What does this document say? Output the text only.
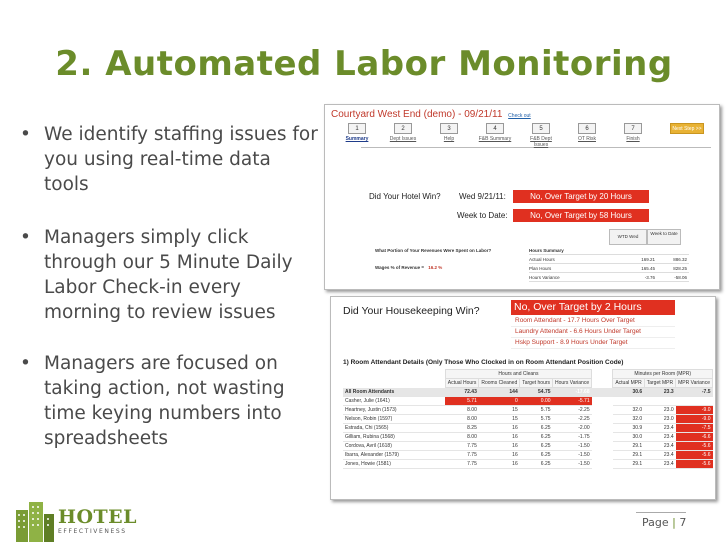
2. Automated Labor Monitoring
• We identify staffing issues for you using real-time data tools
• Managers simply click through our 5 Minute Daily Labor Check-in every morning to review issues
• Managers are focused on taking action, not wasting time keying numbers into spreadsheets
Courtyard West End (demo) - 09/21/11 Check out
1
Summary
2
Dept Issues
3
Help
4
F&B Summary
5
F&B Dept Issues
6
OT Risk
7
Finish
Next Step >>
Did Your Hotel Win? Wed 9/21/11:	No, Over Target by 20 Hours
Week to Date:	No, Over Target by 58 Hours
WTD Wed
Week to Date
What Portion of Your Revenues Were Spent on Labor?
Wages % of Revenue = 16.2 %
Hours Summary
Actual Hours	169.21	886.32
Plan Hours	165.45	828.25
Hours Variance	-3.76	-58.06
Did Your Housekeeping Win?	No, Over Target by 2 Hours
Room Attendant - 17.7 Hours Over Target
Laundry Attendant - 6.6 Hours Under Target
Hskp Support - 8.9 Hours Under Target
1) Room Attendant Details (Only Those Who Clocked in on Room Attendant Position Code)
	Hours and Cleans					Minutes per Room (MPR)		
	Actual Hours	Rooms Cleaned	Target hours	Hours Variance		Actual MPR	Target MPR	MPR Variance
All Room Attendants	72.43	144	54.75	-17.68		30.6	23.3	-7.5
Casher, Julie (1641)	5.71	0	0.00	-5.71				
Heartney, Justin (1573)	8.00	15	5.75	-2.25		32.0	23.0	-9.0
Nelson, Robin (1597)	8.00	15	5.75	-2.25		32.0	23.0	-9.0
Estrada, Chi (1565)	8.25	16	6.25	-2.00		30.9	23.4	-7.5
Gilliam, Rubina (1568)	8.00	16	6.25	-1.75		30.0	23.4	-6.6
Cordova, Avril (1618)	7.75	16	6.25	-1.50		29.1	23.4	-5.6
Ibarra, Alexander (1579)	7.75	16	6.25	-1.50		29.1	23.4	-5.6
Jones, Howie (1581)	7.75	16	6.25	-1.50		29.1	23.4	-5.6
HOTEL
EFFECTIVENESS
Page | 7
